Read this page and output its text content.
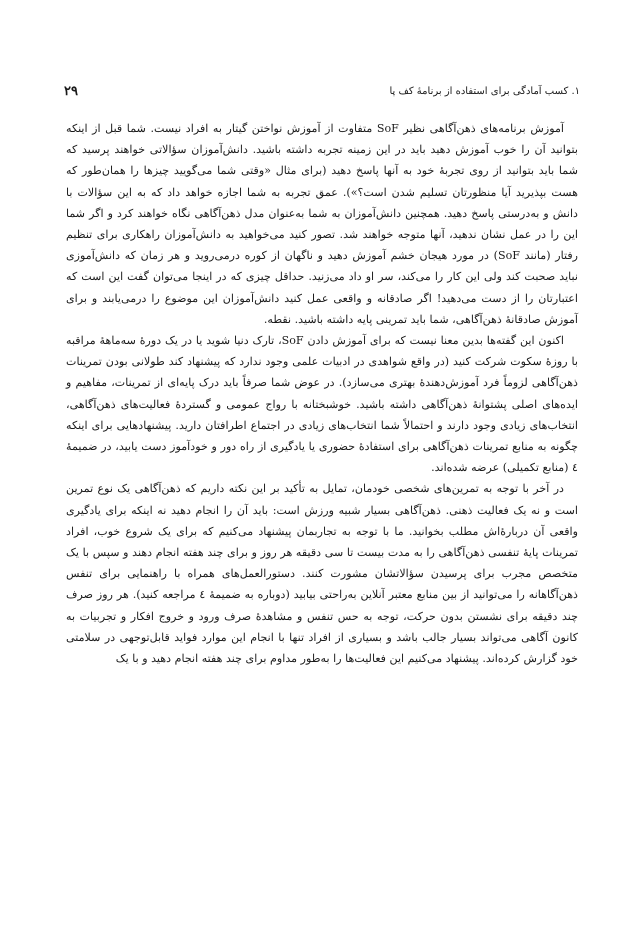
۱. کسب آمادگی برای استفاده از برنامۀ کف پا
۲۹

آموزش برنامه‌های ذهن‌آگاهی نظیر SoF متفاوت از آموزش نواختن گیتار به افراد نیست. شما قبل از اینکه بتوانید آن را خوب آموزش دهید باید در این زمینه تجربه داشته باشید. دانش‌آموزان سؤالاتی خواهند پرسید که شما باید بتوانید از روی تجربۀ خود به آنها پاسخ دهید (برای مثال «وقتی شما می‌گویید چیزها را همان‌طور که هست بپذیرید آیا منظورتان تسلیم شدن است؟»). عمق تجربه به شما اجازه خواهد داد که به این سؤالات با دانش و به‌درستی پاسخ دهید. همچنین دانش‌آموزان به شما به‌عنوان مدل ذهن‌آگاهی نگاه خواهند کرد و اگر شما این را در عمل نشان ندهید، آنها متوجه خواهند شد. تصور کنید می‌خواهید به دانش‌آموزان راهکاری برای تنظیم رفتار (مانند SoF) در مورد هیجان خشم آموزش دهید و ناگهان از کوره درمی‌روید و هر زمان که دانش‌آموزی نباید صحبت کند ولی این کار را می‌کند، سر او داد می‌زنید. حداقل چیزی که در اینجا می‌توان گفت این است که اعتبارتان را از دست می‌دهید! اگر صادقانه و واقعی عمل کنید دانش‌آموزان این موضوع را درمی‌یابند و برای آموزش صادقانۀ ذهن‌آگاهی، شما باید تمرینی پایه داشته باشید. نقطه.

اکنون این گفته‌ها بدین معنا نیست که برای آموزش دادن SoF، تارک دنیا شوید یا در یک دورۀ سه‌ماهۀ مراقبه با روزۀ سکوت شرکت کنید (در واقع شواهدی در ادبیات علمی وجود ندارد که پیشنهاد کند طولانی بودن تمرینات ذهن‌آگاهی لزوماً فرد آموزش‌دهندۀ بهتری می‌سازد). در عوض شما صرفاً باید درک پایه‌ای از تمرینات، مفاهیم و ایده‌های اصلی پشتوانۀ ذهن‌آگاهی داشته باشید. خوشبختانه با رواج عمومی و گستردۀ فعالیت‌های ذهن‌آگاهی، انتخاب‌های زیادی وجود دارند و احتمالاً شما انتخاب‌های زیادی در اجتماع اطرافتان دارید. پیشنهادهایی برای اینکه چگونه به منابع تمرینات ذهن‌آگاهی برای استفادۀ حضوری یا یادگیری از راه دور و خودآموز دست یابید، در ضمیمۀ ٤ (منابع تکمیلی) عرضه شده‌اند.

در آخر با توجه به تمرین‌های شخصی خودمان، تمایل به تأکید بر این نکته داریم که ذهن‌آگاهی یک نوع تمرین است و نه یک فعالیت ذهنی. ذهن‌آگاهی بسیار شبیه ورزش است: باید آن را انجام دهید نه اینکه برای یادگیری واقعی آن دربارۀاش مطلب بخوانید. ما با توجه به تجاربمان پیشنهاد می‌کنیم که برای یک شروع خوب، افراد تمرینات پایۀ تنفسی ذهن‌آگاهی را به مدت بیست تا سی دقیقه هر روز و برای چند هفته انجام دهند و سپس با یک متخصص مجرب برای پرسیدن سؤالاتشان مشورت کنند. دستورالعمل‌های همراه با راهنمایی برای تنفس ذهن‌آگاهانه را می‌توانید از بین منابع معتبر آنلاین به‌راحتی بیابید (دوباره به ضمیمۀ ٤ مراجعه کنید). هر روز صرف چند دقیقه برای نشستن بدون حرکت، توجه به حس تنفس و مشاهدۀ صرف ورود و خروج افکار و تجربیات به کانون آگاهی می‌تواند بسیار جالب باشد و بسیاری از افراد تنها با انجام این موارد فواید قابل‌توجهی در سلامتی خود گزارش کرده‌اند. پیشنهاد می‌کنیم این فعالیت‌ها را به‌طور مداوم برای چند هفته انجام دهید و با یک
